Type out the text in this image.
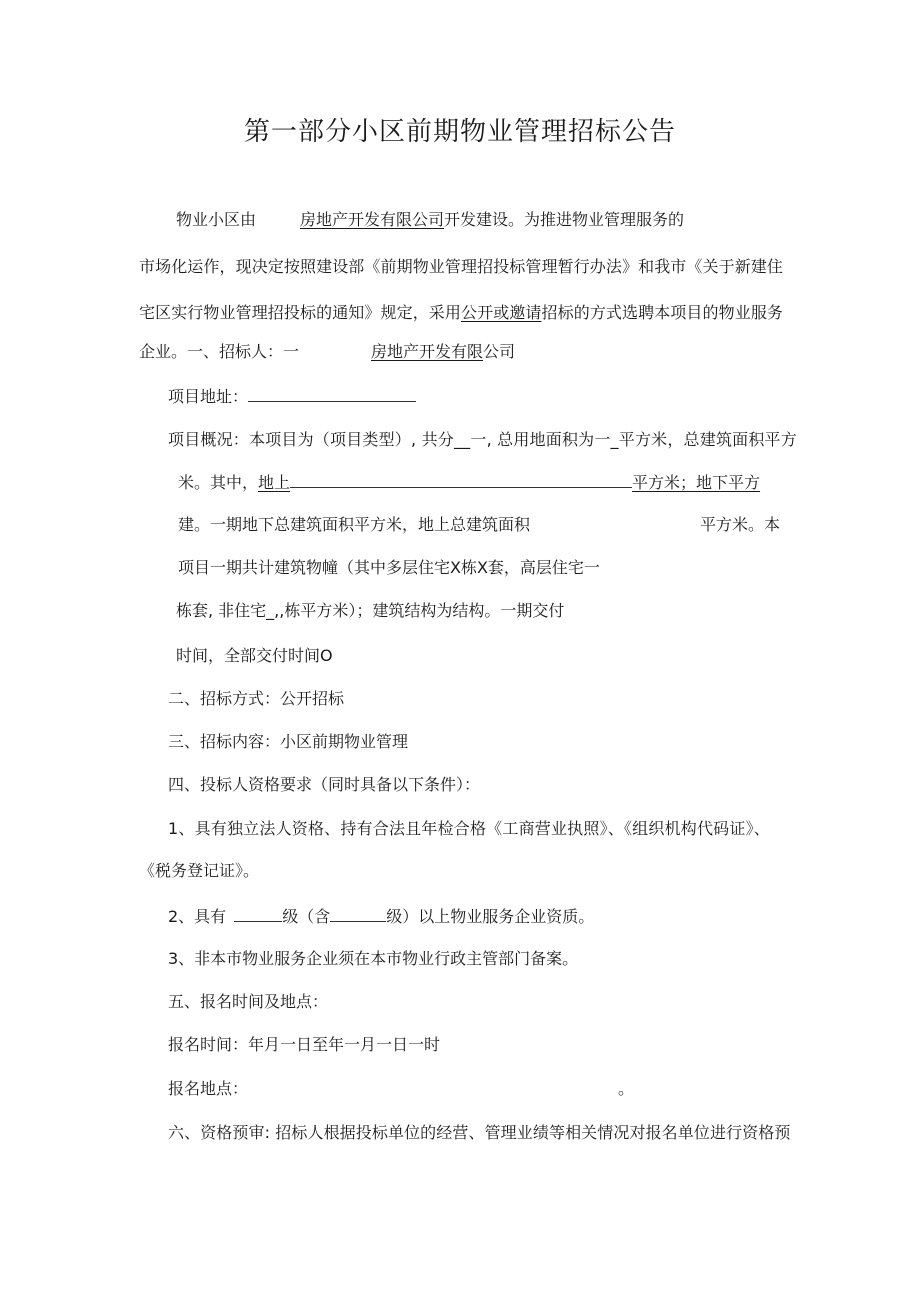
第一部分小区前期物业管理招标公告
物业小区由	房地产开发有限公司开发建设。为推进物业管理服务的
市场化运作，现决定按照建设部《前期物业管理招投标管理暂行办法》和我市《关于新建住
宅区实行物业管理招投标的通知》规定，采用公开或邀请招标的方式选聘本项目的物业服务
企业。一、招标人：一	房地产开发有限公司
项目地址：
项目概况：本项目为（项目类型）, 共分__一, 总用地面积为一_平方米，总建筑面积平方
米。其中，地上	平方米；地下平方
建。一期地下总建筑面积平方米，地上总建筑面积	平方米。本
项目一期共计建筑物幢（其中多层住宅X栋X套，高层住宅一
栋套, 非住宅_,,栋平方米）；建筑结构为结构。一期交付
时间，全部交付时间O
二、招标方式：公开招标
三、招标内容：小区前期物业管理
四、投标人资格要求（同时具备以下条件）：
1、具有独立法人资格、持有合法且年检合格《工商营业执照》、《组织机构代码证》、
《税务登记证》。
2、具有	级（含	级）以上物业服务企业资质。
3、非本市物业服务企业须在本市物业行政主管部门备案。
五、报名时间及地点：
报名时间：年月一日至年一月一日一时
报名地点：	。
六、资格预审: 招标人根据投标单位的经营、管理业绩等相关情况对报名单位进行资格预
